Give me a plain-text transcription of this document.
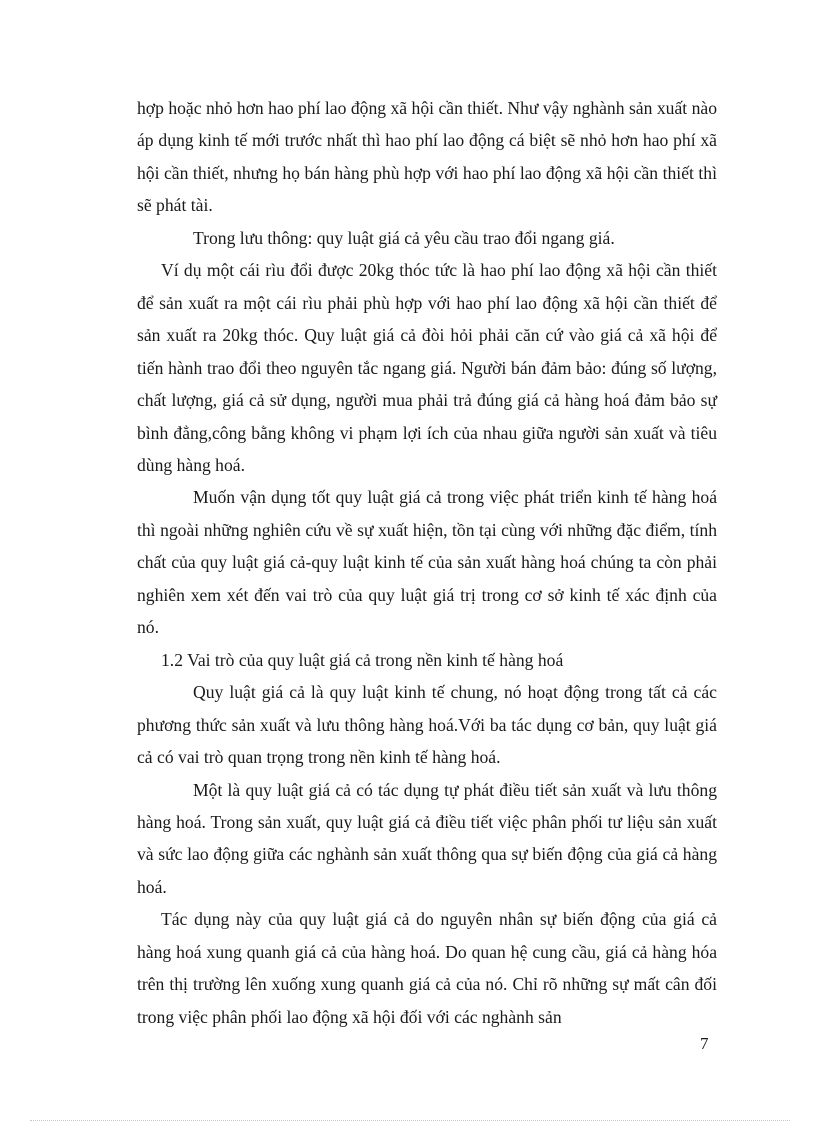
hợp hoặc nhỏ hơn hao phí lao động xã hội cần thiết. Như vậy nghành sản xuất nào áp dụng kinh tế mới trước nhất thì hao phí lao động cá biệt sẽ nhỏ hơn hao phí xã hội cần thiết, nhưng họ bán hàng phù hợp với hao phí lao động xã hội cần thiết thì sẽ phát tài.

Trong lưu thông: quy luật giá cả yêu cầu trao đổi ngang giá.

Ví dụ một cái rìu đổi được 20kg thóc tức là hao phí lao động xã hội cần thiết để sản xuất ra một cái rìu phải phù hợp với hao phí lao động xã hội cần thiết để sản xuất ra 20kg thóc. Quy luật giá cả đòi hỏi phải căn cứ vào giá cả xã hội để tiến hành trao đổi theo nguyên tắc ngang giá. Người bán đảm bảo: đúng số lượng, chất lượng, giá cả sử dụng, người mua phải trả đúng giá cả hàng hoá đảm bảo sự bình đẳng,công bằng không vi phạm lợi ích của nhau giữa người sản xuất và tiêu dùng hàng hoá.

Muốn vận dụng tốt quy luật giá cả trong việc phát triển kinh tế hàng hoá thì ngoài những nghiên cứu về sự xuất hiện, tồn tại cùng với những đặc điểm, tính chất của quy luật giá cả-quy luật kinh tế của sản xuất hàng hoá chúng ta còn phải nghiên xem xét đến vai trò của quy luật giá trị trong cơ sở kinh tế xác định của nó.

1.2 Vai trò của quy luật giá cả trong nền kinh tế hàng hoá

Quy luật giá cả là quy luật kinh tế chung, nó hoạt động trong tất cả các phương thức sản xuất và lưu thông hàng hoá.Với ba tác dụng cơ bản, quy luật giá cả có vai trò quan trọng trong nền kinh tế hàng hoá.

Một là quy luật giá cả có tác dụng tự phát điều tiết sản xuất và lưu thông hàng hoá. Trong sản xuất, quy luật giá cả điều tiết việc phân phối tư liệu sản xuất và sức lao động giữa các nghành sản xuất thông qua sự biến động của giá cả hàng hoá.

Tác dụng này của quy luật giá cả do nguyên nhân sự biến động của giá cả hàng hoá xung quanh giá cả của hàng hoá. Do quan hệ cung cầu, giá cả hàng hóa trên thị trường lên xuống xung quanh giá cả của nó. Chỉ rõ những sự mất cân đối trong việc phân phối lao động xã hội đối với các nghành sản

7
